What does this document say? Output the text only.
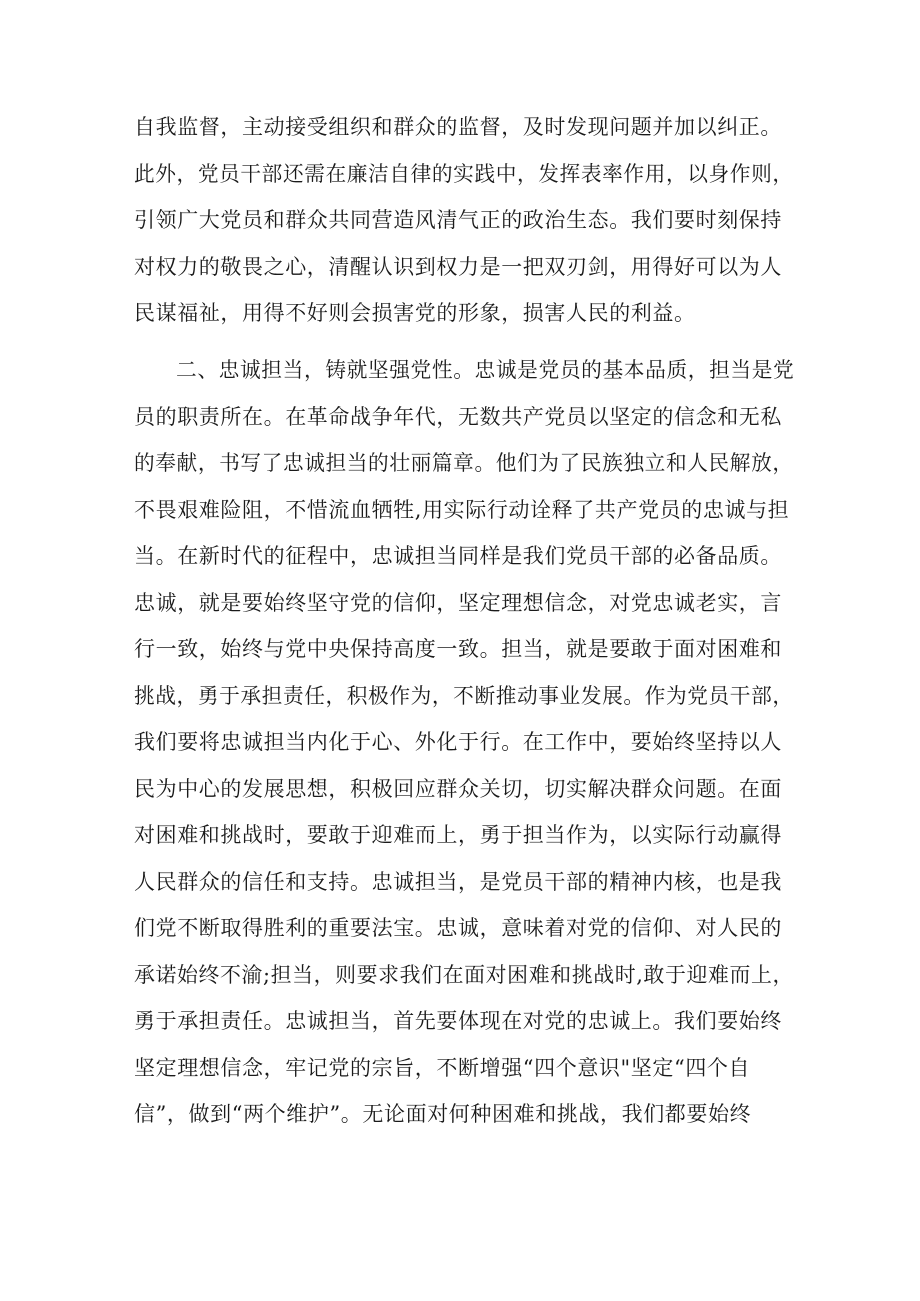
自我监督，主动接受组织和群众的监督，及时发现问题并加以纠正。
此外，党员干部还需在廉洁自律的实践中，发挥表率作用，以身作则，
引领广大党员和群众共同营造风清气正的政治生态。我们要时刻保持
对权力的敬畏之心，清醒认识到权力是一把双刃剑，用得好可以为人
民谋福祉，用得不好则会损害党的形象，损害人民的利益。
二、忠诚担当，铸就坚强党性。忠诚是党员的基本品质，担当是党
员的职责所在。在革命战争年代，无数共产党员以坚定的信念和无私
的奉献，书写了忠诚担当的壮丽篇章。他们为了民族独立和人民解放，
不畏艰难险阻，不惜流血牺牲,用实际行动诠释了共产党员的忠诚与担
当。在新时代的征程中，忠诚担当同样是我们党员干部的必备品质。
忠诚，就是要始终坚守党的信仰，坚定理想信念，对党忠诚老实，言
行一致，始终与党中央保持高度一致。担当，就是要敢于面对困难和
挑战，勇于承担责任，积极作为，不断推动事业发展。作为党员干部，
我们要将忠诚担当内化于心、外化于行。在工作中，要始终坚持以人
民为中心的发展思想，积极回应群众关切，切实解决群众问题。在面
对困难和挑战时，要敢于迎难而上，勇于担当作为，以实际行动赢得
人民群众的信任和支持。忠诚担当，是党员干部的精神内核，也是我
们党不断取得胜利的重要法宝。忠诚，意味着对党的信仰、对人民的
承诺始终不渝;担当，则要求我们在面对困难和挑战时,敢于迎难而上，
勇于承担责任。忠诚担当，首先要体现在对党的忠诚上。我们要始终
坚定理想信念，牢记党的宗旨，不断增强“四个意识"坚定“四个自
信”，做到“两个维护”。无论面对何种困难和挑战，我们都要始终
